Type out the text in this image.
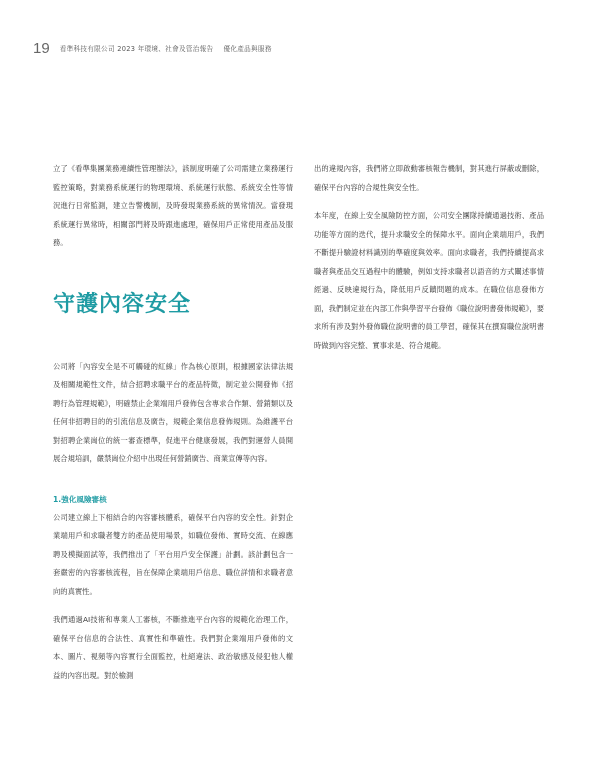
19 看準科技有限公司 2023 年環境、社會及管治報告 優化產品與服務

立了《看準集團業務連續性管理辦法》，該制度明確了公司需建立業務運行監控策略，對業務系統運行的物理環境、系統運行狀態、系統安全性等情況進行日常監測，建立告警機制，及時發現業務系統的異常情況。當發現系統運行異常時，相關部門將及時跟進處理，確保用戶正常使用產品及服務。

守護內容安全

公司將「內容安全是不可觸碰的紅線」作為核心原則，根據國家法律法規及相關規範性文件，結合招聘求職平台的產品特徵，制定並公開發佈《招聘行為管理規範》，明確禁止企業端用戶發佈包含專求合作類、營銷類以及任何非招聘目的的引流信息及廣告，規範企業信息發佈規則。為維護平台對招聘企業崗位的統一審查標準，促進平台健康發展，我們對運營人員開展合規培訓，嚴禁崗位介紹中出現任何營銷廣告、商業宣傳等內容。

1.強化風險審核

公司建立線上下相結合的內容審核體系，確保平台內容的安全性。針對企業端用戶和求職者雙方的產品使用場景，如職位發佈、實時交流、在線應聘及模擬面試等，我們推出了「平台用戶安全保護」計劃。該計劃包含一套嚴密的內容審核流程，旨在保障企業端用戶信息、職位詳情和求職者意向的真實性。

我們通過AI技術和專業人工審核，不斷推進平台內容的規範化治理工作，確保平台信息的合法性、真實性和準確性。我們對企業端用戶發佈的文本、圖片、視頻等內容實行全面監控，杜絕違法、政治敏感及侵犯他人權益的內容出現。對於檢測

出的違規內容，我們將立即啟動審核報告機制，對其進行屏蔽或刪除，確保平台內容的合規性與安全性。

本年度，在線上安全風險防控方面，公司安全團隊持續通過技術、產品功能等方面的迭代，提升求職安全的保障水平。面向企業端用戶，我們不斷提升驗證材料識別的準確度與效率。面向求職者，我們持續提高求職者與產品交互過程中的體驗，例如支持求職者以語音的方式闡述事情經過、反映違規行為，降低用戶反饋問題的成本。在職位信息發佈方面，我們制定並在內部工作與學習平台發佈《職位說明書發佈規範》，要求所有涉及對外發佈職位說明書的員工學習，確保其在撰寫職位說明書時做到內容完整、實事求是、符合規範。
